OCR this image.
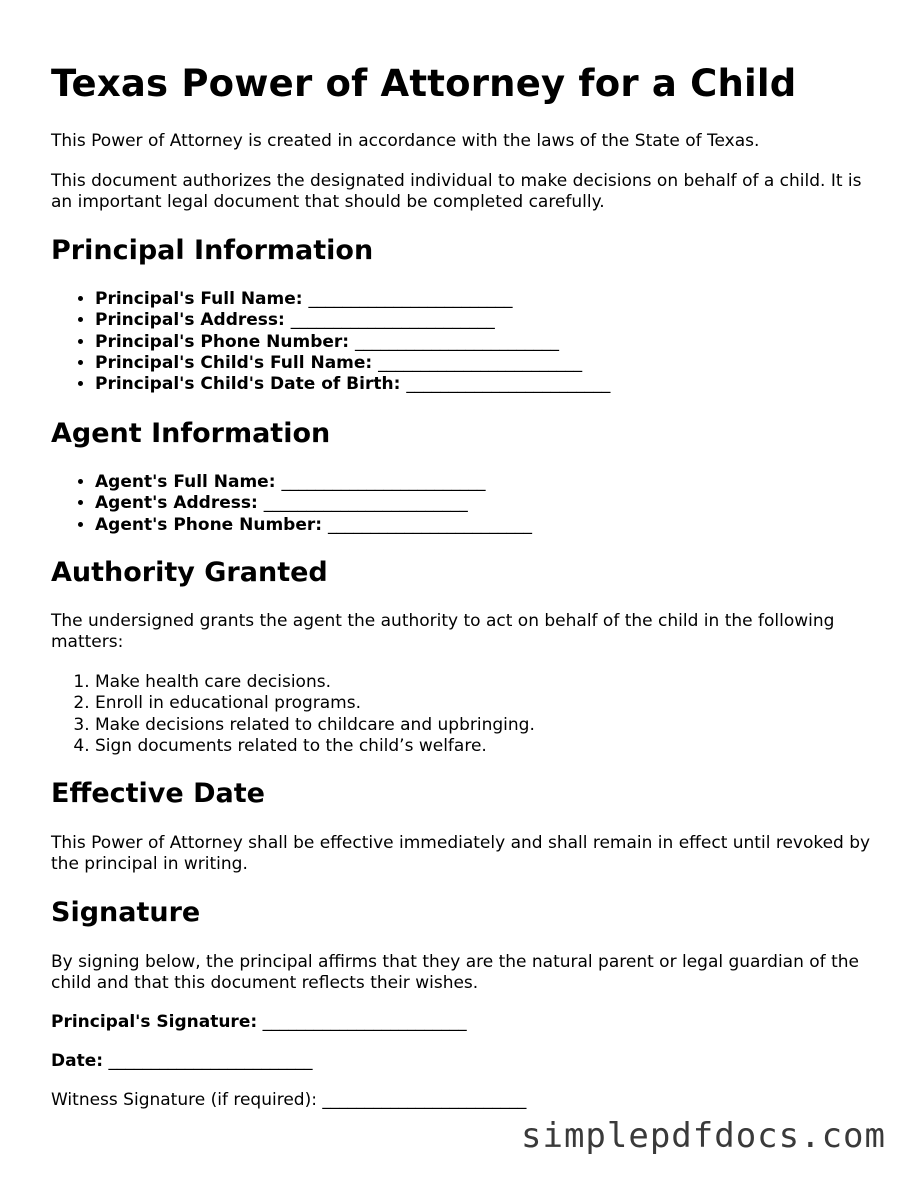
Texas Power of Attorney for a Child

This Power of Attorney is created in accordance with the laws of the State of Texas.

This document authorizes the designated individual to make decisions on behalf of a child. It is an important legal document that should be completed carefully.

Principal Information
• Principal's Full Name: ________________________
• Principal's Address: ________________________
• Principal's Phone Number: ________________________
• Principal's Child's Full Name: ________________________
• Principal's Child's Date of Birth: ________________________
Agent Information
• Agent's Full Name: ________________________
• Agent's Address: ________________________
• Agent's Phone Number: ________________________
Authority Granted

The undersigned grants the agent the authority to act on behalf of the child in the following matters:

1. Make health care decisions.
2. Enroll in educational programs.
3. Make decisions related to childcare and upbringing.
4. Sign documents related to the child’s welfare.
Effective Date

This Power of Attorney shall be effective immediately and shall remain in effect until revoked by the principal in writing.

Signature

By signing below, the principal affirms that they are the natural parent or legal guardian of the child and that this document reflects their wishes.

Principal's Signature: ________________________
Date: ________________________
Witness Signature (if required): ________________________
simplepdfdocs.com
